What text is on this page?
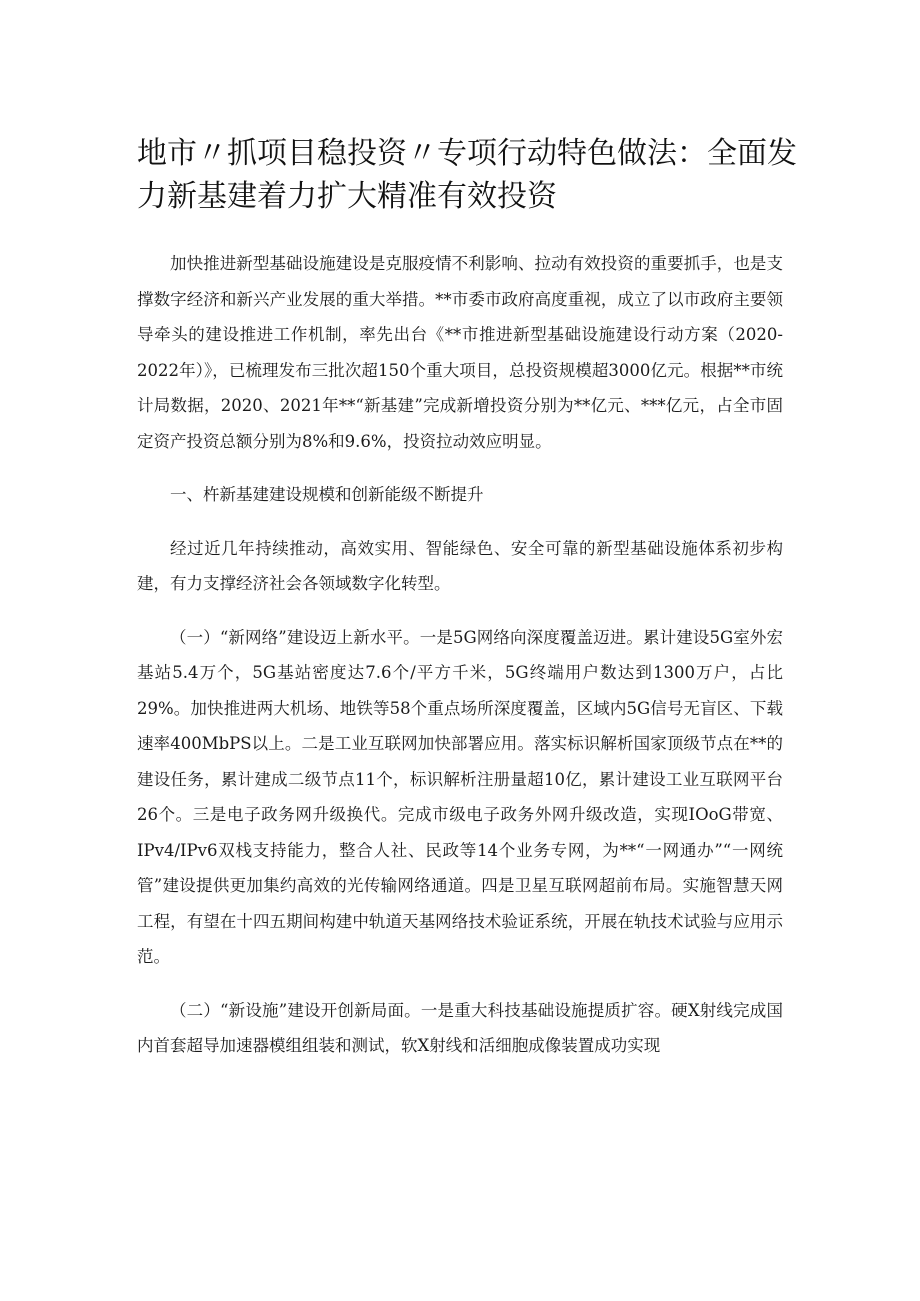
地市〃抓项目稳投资〃专项行动特色做法：全面发力新基建着力扩大精准有效投资

加快推进新型基础设施建设是克服疫情不利影响、拉动有效投资的重要抓手，也是支撑数字经济和新兴产业发展的重大举措。**市委市政府高度重视，成立了以市政府主要领导牵头的建设推进工作机制，率先出台《**市推进新型基础设施建设行动方案（2020-2022年）》，已梳理发布三批次超150个重大项目，总投资规模超3000亿元。根据**市统计局数据，2020、2021年**“新基建”完成新增投资分别为**亿元、***亿元，占全市固定资产投资总额分别为8%和9.6%，投资拉动效应明显。

一、杵新基建建设规模和创新能级不断提升

经过近几年持续推动，高效实用、智能绿色、安全可靠的新型基础设施体系初步构建，有力支撑经济社会各领域数字化转型。

（一）“新网络”建设迈上新水平。一是5G网络向深度覆盖迈进。累计建设5G室外宏基站5.4万个，5G基站密度达7.6个/平方千米，5G终端用户数达到1300万户，占比29%。加快推进两大机场、地铁等58个重点场所深度覆盖，区域内5G信号无盲区、下载速率400MbPS以上。二是工业互联网加快部署应用。落实标识解析国家顶级节点在**的建设任务，累计建成二级节点11个，标识解析注册量超10亿，累计建设工业互联网平台26个。三是电子政务网升级换代。完成市级电子政务外网升级改造，实现IOoG带宽、IPv4/IPv6双栈支持能力，整合人社、民政等14个业务专网，为**“一网通办”“一网统管”建设提供更加集约高效的光传输网络通道。四是卫星互联网超前布局。实施智慧天网工程，有望在十四五期间构建中轨道天基网络技术验证系统，开展在轨技术试验与应用示范。

（二）“新设施”建设开创新局面。一是重大科技基础设施提质扩容。硬X射线完成国内首套超导加速器模组组装和测试，软X射线和活细胞成像装置成功实现
